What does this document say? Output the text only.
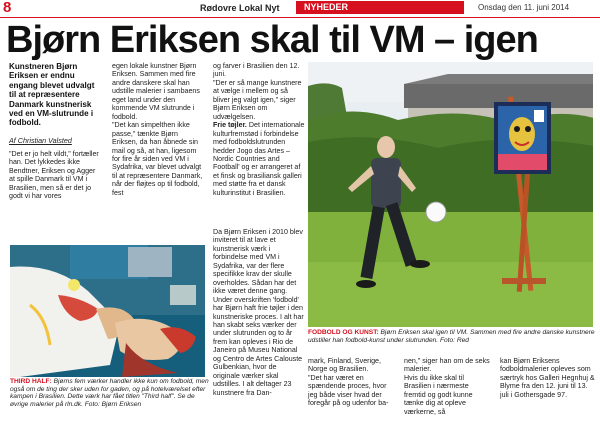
8	Rødovre Lokal Nyt	NYHEDER	Onsdag den 11. juni 2014
Bjørn Eriksen skal til VM – igen
Kunstneren Bjørn Eriksen er endnu engang blevet udvalgt til at repræsentere Danmark kunstnerisk ved en VM-slutrunde i fodbold.
Af Christian Valsted

"Det er jo helt vildt," fortæller han. Det lykkedes ikke Bendtner, Eriksen og Agger at spille Danmark til VM i Brasilien, men så er det jo godt vi har vores

egen lokale kunstner Bjørn Eriksen. Sammen med fire andre danskere skal han udstille malerier i sambaens eget land under den kommende VM slutrunde i fodbold.

"Det kan simpelthen ikke passe," tænkte Bjørn Eriksen, da han åbnede sin mail og så, at han, ligesom for fire år siden ved VM i Sydafrika, var blevet udvalgt til at repræsentere Danmark, når der fløjtes op til fodbold, fest

og farver i Brasilien den 12. juni.

"Der er så mange kunstnere at vælge i mellem og så bliver jeg valgt igen," siger Bjørn Eriksen om udvælgelsen.

Frie tøjler. Det internationale kulturfremstød i forbindelse med fodboldslutrunden hedder Jogo das Artes – Nordic Countries and Football' og er arrangeret af et finsk og brasiliansk galleri med støtte fra et dansk kulturinstitut i Brasilien.

THIRD HALF: Bjørns fem værker handler ikke kun om fodbold, men også om de ting der sker uden for gaden, og på hotelværelset efter kampen i Brasilien. Dette værk har fået titlen "Third half". Se de øvrige malerier på rln.dk. Foto: Bjørn Eriksen

Da Bjørn Eriksen i 2010 blev inviteret til at lave et kunstnerisk værk i forbindelse med VM i Sydafrika, var der flere specifikke krav der skulle overholdes. Sådan har det ikke været denne gang. Under overskriften 'fodbold' har Bjørn haft frie tøjler i den kunstneriske proces. I alt har han skabt seks værker der under slutrunden og to år frem kan opleves i Rio de Janeiro på Museu National og Centro de Artes Calouste Gulbenkian, hvor de originale værker skal udstilles. I alt deltager 23 kunstnere fra Dan-

FODBOLD OG KUNST: Bjørn Eriksen skal igen til VM. Sammen med fire andre danske kunstnere udstiller han fodbold-kunst under slutrunden. Foto: Red

mark, Finland, Sverige, Norge og Brasilien.

"Det har været en spændende proces, hvor jeg både viser hvad der foregår på og udenfor ba-

nen," siger han om de seks malerier.

Hvis du ikke skal til Brasilien i nærmeste fremtid og godt kunne tænke dig at opleve værkerne, så

kan Bjørn Eriksens fodboldmalerier opleves som særtryk hos Galleri Hegnhuj & Blyme fra den 12. juni til 13. juli i Gothersgade 97.
